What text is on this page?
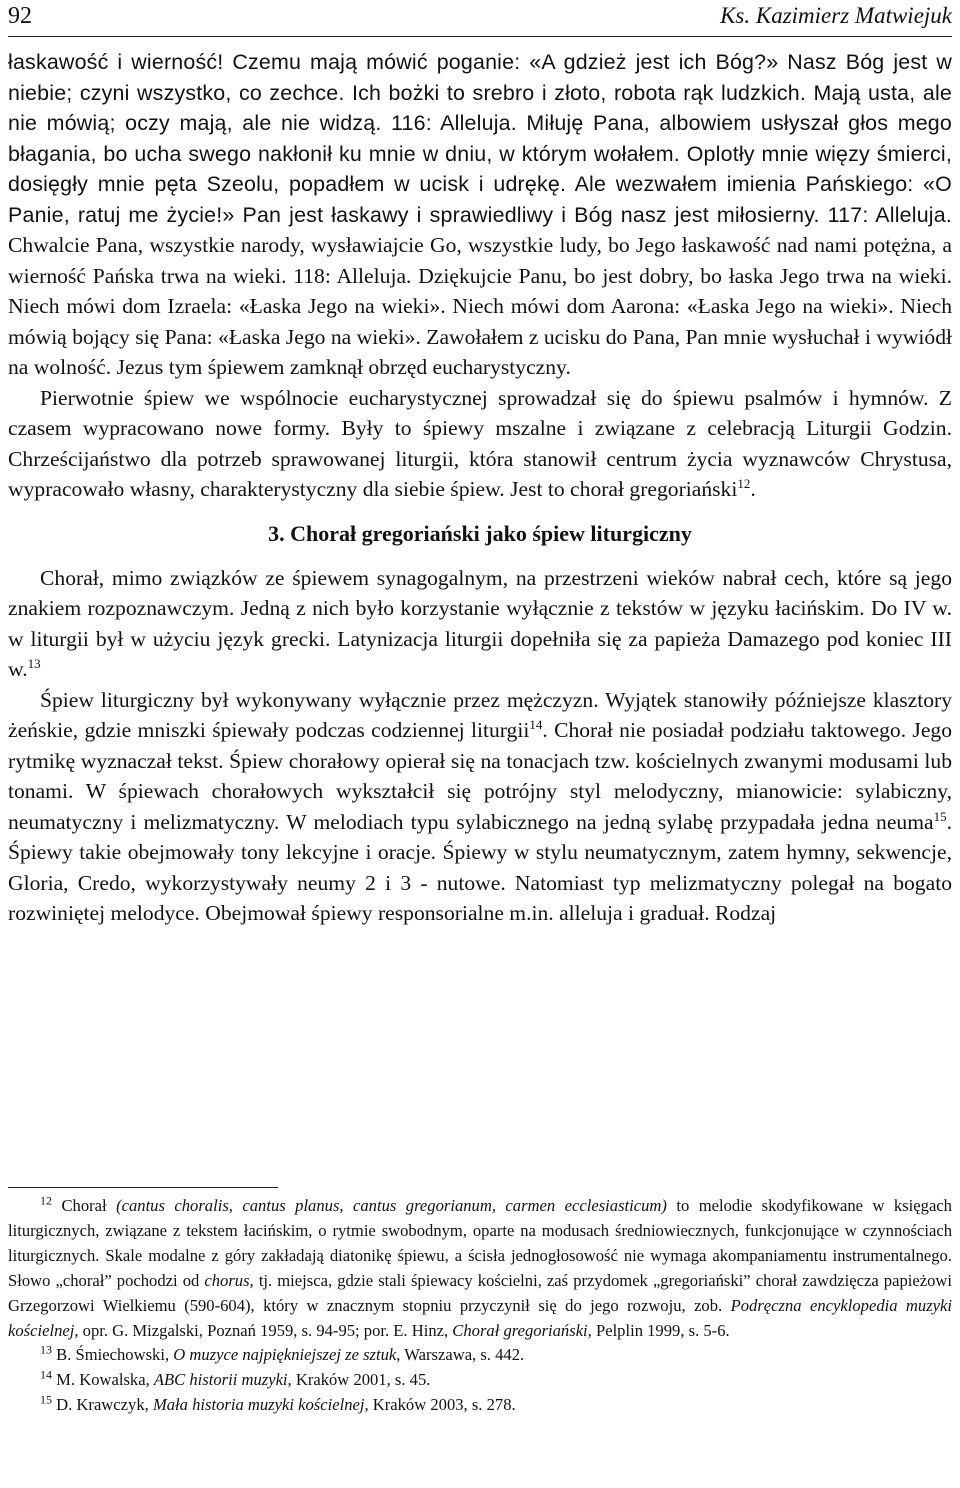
92	Ks. Kazimierz Matwiejuk

łaskawość i wierność! Czemu mają mówić poganie: «A gdzież jest ich Bóg?» Nasz Bóg jest w niebie; czyni wszystko, co zechce. Ich bożki to srebro i złoto, robota rąk ludzkich. Mają usta, ale nie mówią; oczy mają, ale nie widzą. 116: Alleluja. Miłuję Pana, albowiem usłyszał głos mego błagania, bo ucha swego nakłonił ku mnie w dniu, w którym wołałem. Oplotły mnie więzy śmierci, dosięgły mnie pęta Szeolu, popadłem w ucisk i udrękę. Ale wezwałem imienia Pańskiego: «O Panie, ratuj me życie!» Pan jest łaskawy i sprawiedliwy i Bóg nasz jest miłosierny. 117: Alleluja. Chwalcie Pana, wszystkie narody, wysławiajcie Go, wszystkie ludy, bo Jego łaskawość nad nami potężna, a wierność Pańska trwa na wieki. 118: Alleluja. Dziękujcie Panu, bo jest dobry, bo łaska Jego trwa na wieki. Niech mówi dom Izraela: «Łaska Jego na wieki». Niech mówi dom Aarona: «Łaska Jego na wieki». Niech mówią bojący się Pana: «Łaska Jego na wieki». Zawołałem z ucisku do Pana, Pan mnie wysłuchał i wywiódł na wolność. Jezus tym śpiewem zamknął obrzęd eucharystyczny.

Pierwotnie śpiew we wspólnocie eucharystycznej sprowadzał się do śpiewu psalmów i hymnów. Z czasem wypracowano nowe formy. Były to śpiewy mszalne i związane z celebracją Liturgii Godzin. Chrześcijaństwo dla potrzeb sprawowanej liturgii, która stanowił centrum życia wyznawców Chrystusa, wypracowało własny, charakterystyczny dla siebie śpiew. Jest to chorał gregoriański$^{12}$.

3. Chorał gregoriański jako śpiew liturgiczny

Chorał, mimo związków ze śpiewem synagogalnym, na przestrzeni wieków nabrał cech, które są jego znakiem rozpoznawczym. Jedną z nich było korzystanie wyłącznie z tekstów w języku łacińskim. Do IV w. w liturgii był w użyciu język grecki. Latynizacja liturgii dopełniła się za papieża Damazego pod koniec III w.$^{13}$

Śpiew liturgiczny był wykonywany wyłącznie przez mężczyzn. Wyjątek stanowiły późniejsze klasztory żeńskie, gdzie mniszki śpiewały podczas codziennej liturgii$^{14}$. Chorał nie posiadał podziału taktowego. Jego rytmikę wyznaczał tekst. Śpiew chorałowy opierał się na tonacjach tzw. kościelnych zwanymi modusami lub tonami. W śpiewach chorałowych wykształcił się potrójny styl melodyczny, mianowicie: sylabiczny, neumatyczny i melizmatyczny. W melodiach typu sylabicznego na jedną sylabę przypadała jedna neuma$^{15}$. Śpiewy takie obejmowały tony lekcyjne i oracje. Śpiewy w stylu neumatycznym, zatem hymny, sekwencje, Gloria, Credo, wykorzystywały neumy 2 i 3 - nutowe. Natomiast typ melizmatyczny polegał na bogato rozwiniętej melodyce. Obejmował śpiewy responsorialne m.in. alleluja i graduał. Rodzaj

$^{12}$ Chorał (cantus choralis, cantus planus, cantus gregorianum, carmen ecclesiasticum) to melodie skodyfikowane w księgach liturgicznych, związane z tekstem łacińskim, o rytmie swobodnym, oparte na modusach średniowiecznych, funkcjonujące w czynnościach liturgicznych. Skale modalne z góry zakładają diatonikę śpiewu, a ścisła jednogłosowość nie wymaga akompaniamentu instrumentalnego. Słowo „chorał” pochodzi od chorus, tj. miejsca, gdzie stali śpiewacy kościelni, zaś przydomek „gregoriański” chorał zawdzięcza papieżowi Grzegorzowi Wielkiemu (590-604), który w znacznym stopniu przyczynił się do jego rozwoju, zob. Podręczna encyklopedia muzyki kościelnej, opr. G. Mizgalski, Poznań 1959, s. 94-95; por. E. Hinz, Chorał gregoriański, Pelplin 1999, s. 5-6.

$^{13}$ B. Śmiechowski, O muzyce najpiękniejszej ze sztuk, Warszawa, s. 442.

$^{14}$ M. Kowalska, ABC historii muzyki, Kraków 2001, s. 45.

$^{15}$ D. Krawczyk, Mała historia muzyki kościelnej, Kraków 2003, s. 278.
